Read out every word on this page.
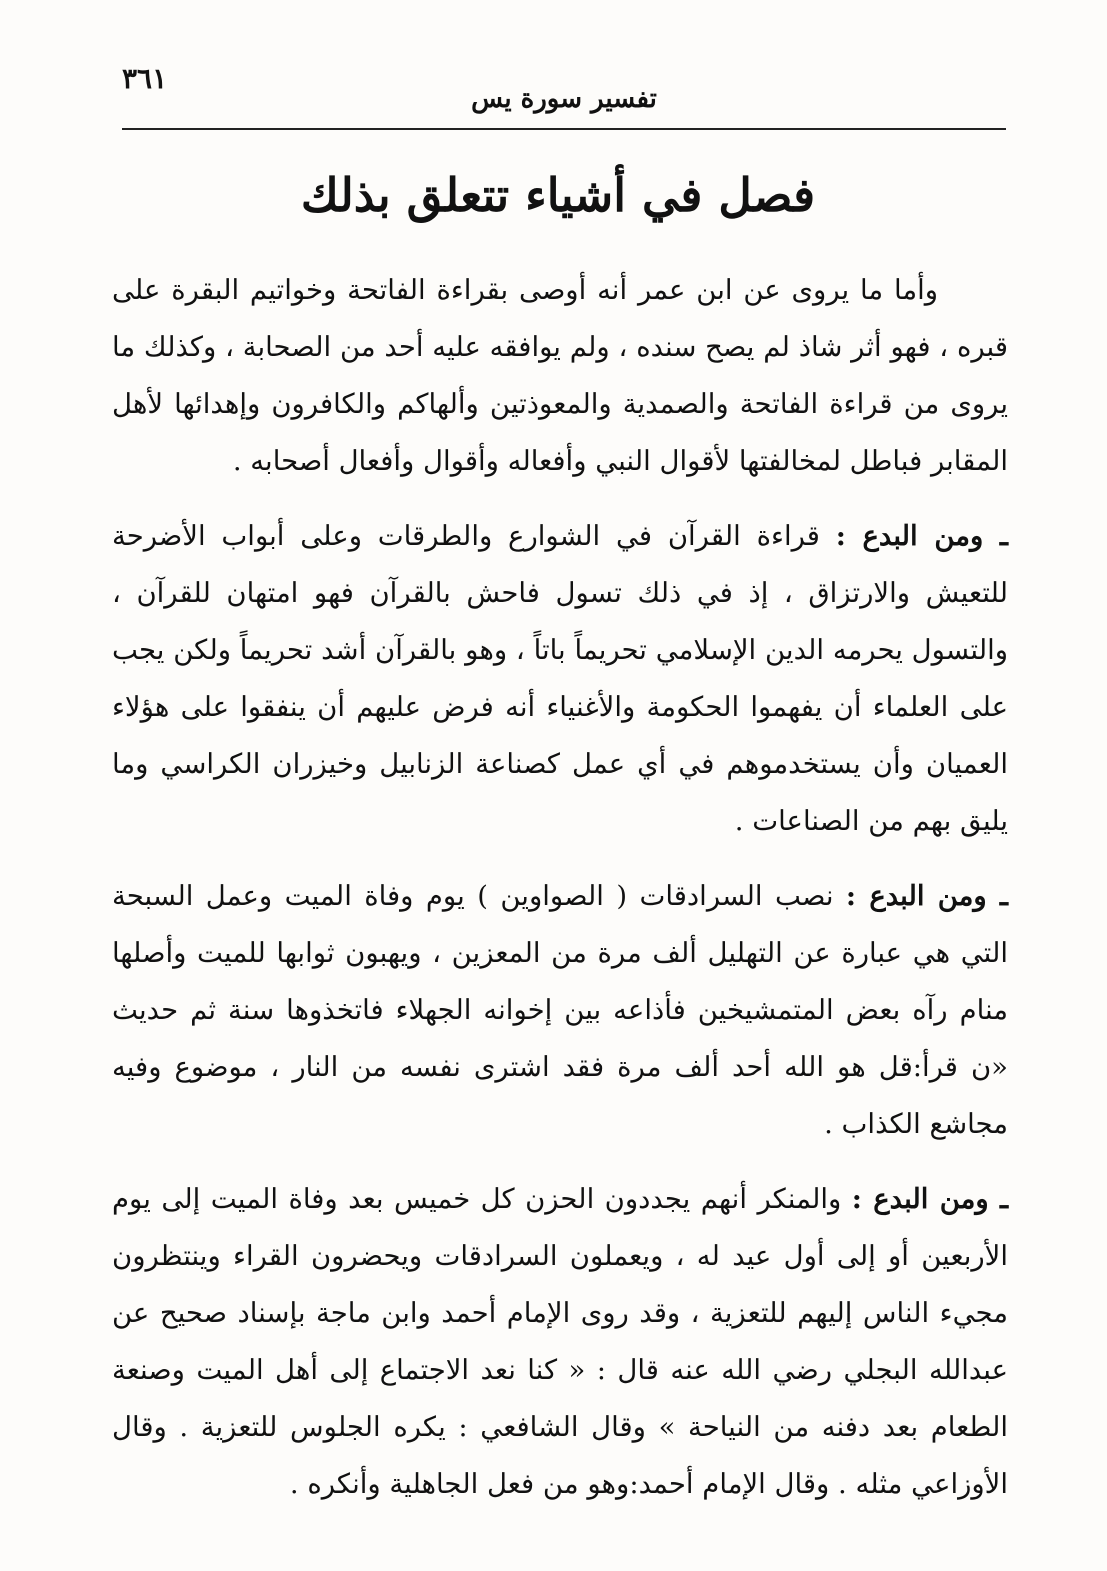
٣٦١
تفسير سورة يس
فصل في أشياء تتعلق بذلك

وأما ما يروى عن ابن عمر أنه أوصى بقراءة الفاتحة وخواتيم البقرة على قبره ، فهو أثر شاذ لم يصح سنده ، ولم يوافقه عليه أحد من الصحابة ، وكذلك ما يروى من قراءة الفاتحة والصمدية والمعوذتين وألهاكم والكافرون وإهدائها لأهل المقابر فباطل لمخالفتها لأقوال النبي وأفعاله وأقوال وأفعال أصحابه .

ـ ومن البدع : قراءة القرآن في الشوارع والطرقات وعلى أبواب الأضرحة للتعيش والارتزاق ، إذ في ذلك تسول فاحش بالقرآن فهو امتهان للقرآن ، والتسول يحرمه الدين الإسلامي تحريماً باتاً ، وهو بالقرآن أشد تحريماً ولكن يجب على العلماء أن يفهموا الحكومة والأغنياء أنه فرض عليهم أن ينفقوا على هؤلاء العميان وأن يستخدموهم في أي عمل كصناعة الزنابيل وخيزران الكراسي وما يليق بهم من الصناعات .

ـ ومن البدع : نصب السرادقات ( الصواوين ) يوم وفاة الميت وعمل السبحة التي هي عبارة عن التهليل ألف مرة من المعزين ، ويهبون ثوابها للميت وأصلها منام رآه بعض المتمشيخين فأذاعه بين إخوانه الجهلاء فاتخذوها سنة ثم حديث «ن قرأ:قل هو الله أحد ألف مرة فقد اشترى نفسه من النار ، موضوع وفيه مجاشع الكذاب .

ـ ومن البدع : والمنكر أنهم يجددون الحزن كل خميس بعد وفاة الميت إلى يوم الأربعين أو إلى أول عيد له ، ويعملون السرادقات ويحضرون القراء وينتظرون مجيء الناس إليهم للتعزية ، وقد روى الإمام أحمد وابن ماجة بإسناد صحيح عن عبدالله البجلي رضي الله عنه قال : « كنا نعد الاجتماع إلى أهل الميت وصنعة الطعام بعد دفنه من النياحة » وقال الشافعي : يكره الجلوس للتعزية . وقال الأوزاعي مثله . وقال الإمام أحمد:وهو من فعل الجاهلية وأنكره .
